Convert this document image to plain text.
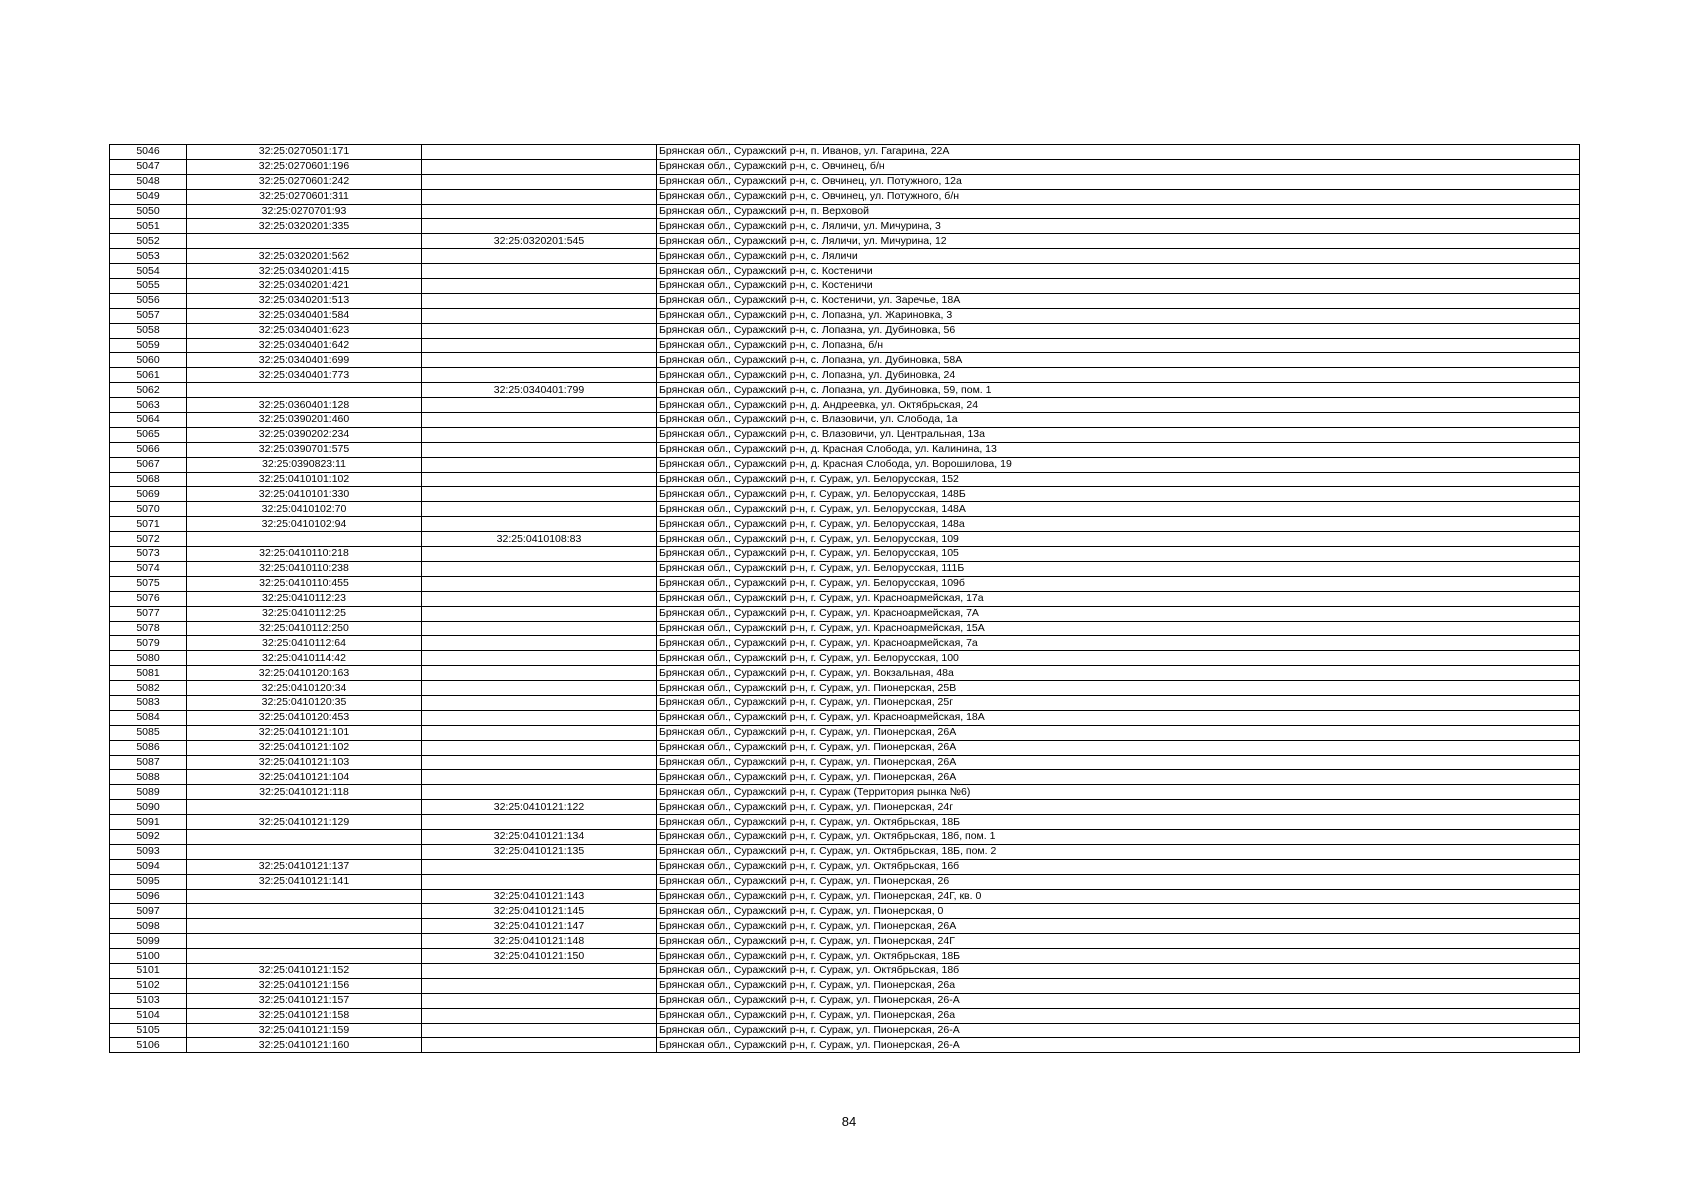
5046	32:25:0270501:171		Брянская обл., Суражский р-н, п. Иванов, ул. Гагарина, 22А
5047	32:25:0270601:196		Брянская обл., Суражский р-н, с. Овчинец, б/н
5048	32:25:0270601:242		Брянская обл., Суражский р-н, с. Овчинец, ул. Потужного, 12а
5049	32:25:0270601:311		Брянская обл., Суражский р-н, с. Овчинец, ул. Потужного, б/н
5050	32:25:0270701:93		Брянская обл., Суражский р-н, п. Верховой
5051	32:25:0320201:335		Брянская обл., Суражский р-н, с. Ляличи, ул. Мичурина, 3
5052		32:25:0320201:545	Брянская обл., Суражский р-н, с. Ляличи, ул. Мичурина, 12
5053	32:25:0320201:562		Брянская обл., Суражский р-н, с. Ляличи
5054	32:25:0340201:415		Брянская обл., Суражский р-н, с. Костеничи
5055	32:25:0340201:421		Брянская обл., Суражский р-н, с. Костеничи
5056	32:25:0340201:513		Брянская обл., Суражский р-н, с. Костеничи, ул. Заречье, 18А
5057	32:25:0340401:584		Брянская обл., Суражский р-н, с. Лопазна, ул. Жариновка, 3
5058	32:25:0340401:623		Брянская обл., Суражский р-н, с. Лопазна, ул. Дубиновка, 56
5059	32:25:0340401:642		Брянская обл., Суражский р-н, с. Лопазна, б/н
5060	32:25:0340401:699		Брянская обл., Суражский р-н, с. Лопазна, ул. Дубиновка, 58А
5061	32:25:0340401:773		Брянская обл., Суражский р-н, с. Лопазна, ул. Дубиновка, 24
5062		32:25:0340401:799	Брянская обл., Суражский р-н, с. Лопазна, ул. Дубиновка, 59, пом. 1
5063	32:25:0360401:128		Брянская обл., Суражский р-н, д. Андреевка, ул. Октябрьская, 24
5064	32:25:0390201:460		Брянская обл., Суражский р-н, с. Влазовичи, ул. Слобода, 1а
5065	32:25:0390202:234		Брянская обл., Суражский р-н, с. Влазовичи, ул. Центральная, 13а
5066	32:25:0390701:575		Брянская обл., Суражский р-н, д. Красная Слобода, ул. Калинина, 13
5067	32:25:0390823:11		Брянская обл., Суражский р-н, д. Красная Слобода, ул. Ворошилова, 19
5068	32:25:0410101:102		Брянская обл., Суражский р-н, г. Сураж, ул. Белорусская, 152
5069	32:25:0410101:330		Брянская обл., Суражский р-н, г. Сураж, ул. Белорусская, 148Б
5070	32:25:0410102:70		Брянская обл., Суражский р-н, г. Сураж, ул. Белорусская, 148А
5071	32:25:0410102:94		Брянская обл., Суражский р-н, г. Сураж, ул. Белорусская, 148а
5072		32:25:0410108:83	Брянская обл., Суражский р-н, г. Сураж, ул. Белорусская, 109
5073	32:25:0410110:218		Брянская обл., Суражский р-н, г. Сураж, ул. Белорусская, 105
5074	32:25:0410110:238		Брянская обл., Суражский р-н, г. Сураж, ул. Белорусская, 111Б
5075	32:25:0410110:455		Брянская обл., Суражский р-н, г. Сураж, ул. Белорусская, 109б
5076	32:25:0410112:23		Брянская обл., Суражский р-н, г. Сураж, ул. Красноармейская, 17а
5077	32:25:0410112:25		Брянская обл., Суражский р-н, г. Сураж, ул. Красноармейская, 7А
5078	32:25:0410112:250		Брянская обл., Суражский р-н, г. Сураж, ул. Красноармейская, 15А
5079	32:25:0410112:64		Брянская обл., Суражский р-н, г. Сураж, ул. Красноармейская, 7а
5080	32:25:0410114:42		Брянская обл., Суражский р-н, г. Сураж, ул. Белорусская, 100
5081	32:25:0410120:163		Брянская обл., Суражский р-н, г. Сураж, ул. Вокзальная, 48а
5082	32:25:0410120:34		Брянская обл., Суражский р-н, г. Сураж, ул. Пионерская, 25В
5083	32:25:0410120:35		Брянская обл., Суражский р-н, г. Сураж, ул. Пионерская, 25г
5084	32:25:0410120:453		Брянская обл., Суражский р-н, г. Сураж, ул. Красноармейская, 18А
5085	32:25:0410121:101		Брянская обл., Суражский р-н, г. Сураж, ул. Пионерская, 26А
5086	32:25:0410121:102		Брянская обл., Суражский р-н, г. Сураж, ул. Пионерская, 26А
5087	32:25:0410121:103		Брянская обл., Суражский р-н, г. Сураж, ул. Пионерская, 26А
5088	32:25:0410121:104		Брянская обл., Суражский р-н, г. Сураж, ул. Пионерская, 26А
5089	32:25:0410121:118		Брянская обл., Суражский р-н, г. Сураж (Территория рынка №6)
5090		32:25:0410121:122	Брянская обл., Суражский р-н, г. Сураж, ул. Пионерская, 24г
5091	32:25:0410121:129		Брянская обл., Суражский р-н, г. Сураж, ул. Октябрьская, 18Б
5092		32:25:0410121:134	Брянская обл., Суражский р-н, г. Сураж, ул. Октябрьская, 18б, пом. 1
5093		32:25:0410121:135	Брянская обл., Суражский р-н, г. Сураж, ул. Октябрьская, 18Б, пом. 2
5094	32:25:0410121:137		Брянская обл., Суражский р-н, г. Сураж, ул. Октябрьская, 16б
5095	32:25:0410121:141		Брянская обл., Суражский р-н, г. Сураж, ул. Пионерская, 26
5096		32:25:0410121:143	Брянская обл., Суражский р-н, г. Сураж, ул. Пионерская, 24Г, кв. 0
5097		32:25:0410121:145	Брянская обл., Суражский р-н, г. Сураж, ул. Пионерская, 0
5098		32:25:0410121:147	Брянская обл., Суражский р-н, г. Сураж, ул. Пионерская, 26А
5099		32:25:0410121:148	Брянская обл., Суражский р-н, г. Сураж, ул. Пионерская, 24Г
5100		32:25:0410121:150	Брянская обл., Суражский р-н, г. Сураж, ул. Октябрьская, 18Б
5101	32:25:0410121:152		Брянская обл., Суражский р-н, г. Сураж, ул. Октябрьская, 18б
5102	32:25:0410121:156		Брянская обл., Суражский р-н, г. Сураж, ул. Пионерская, 26а
5103	32:25:0410121:157		Брянская обл., Суражский р-н, г. Сураж, ул. Пионерская, 26-А
5104	32:25:0410121:158		Брянская обл., Суражский р-н, г. Сураж, ул. Пионерская, 26а
5105	32:25:0410121:159		Брянская обл., Суражский р-н, г. Сураж, ул. Пионерская, 26-А
5106	32:25:0410121:160		Брянская обл., Суражский р-н, г. Сураж, ул. Пионерская, 26-А
84
